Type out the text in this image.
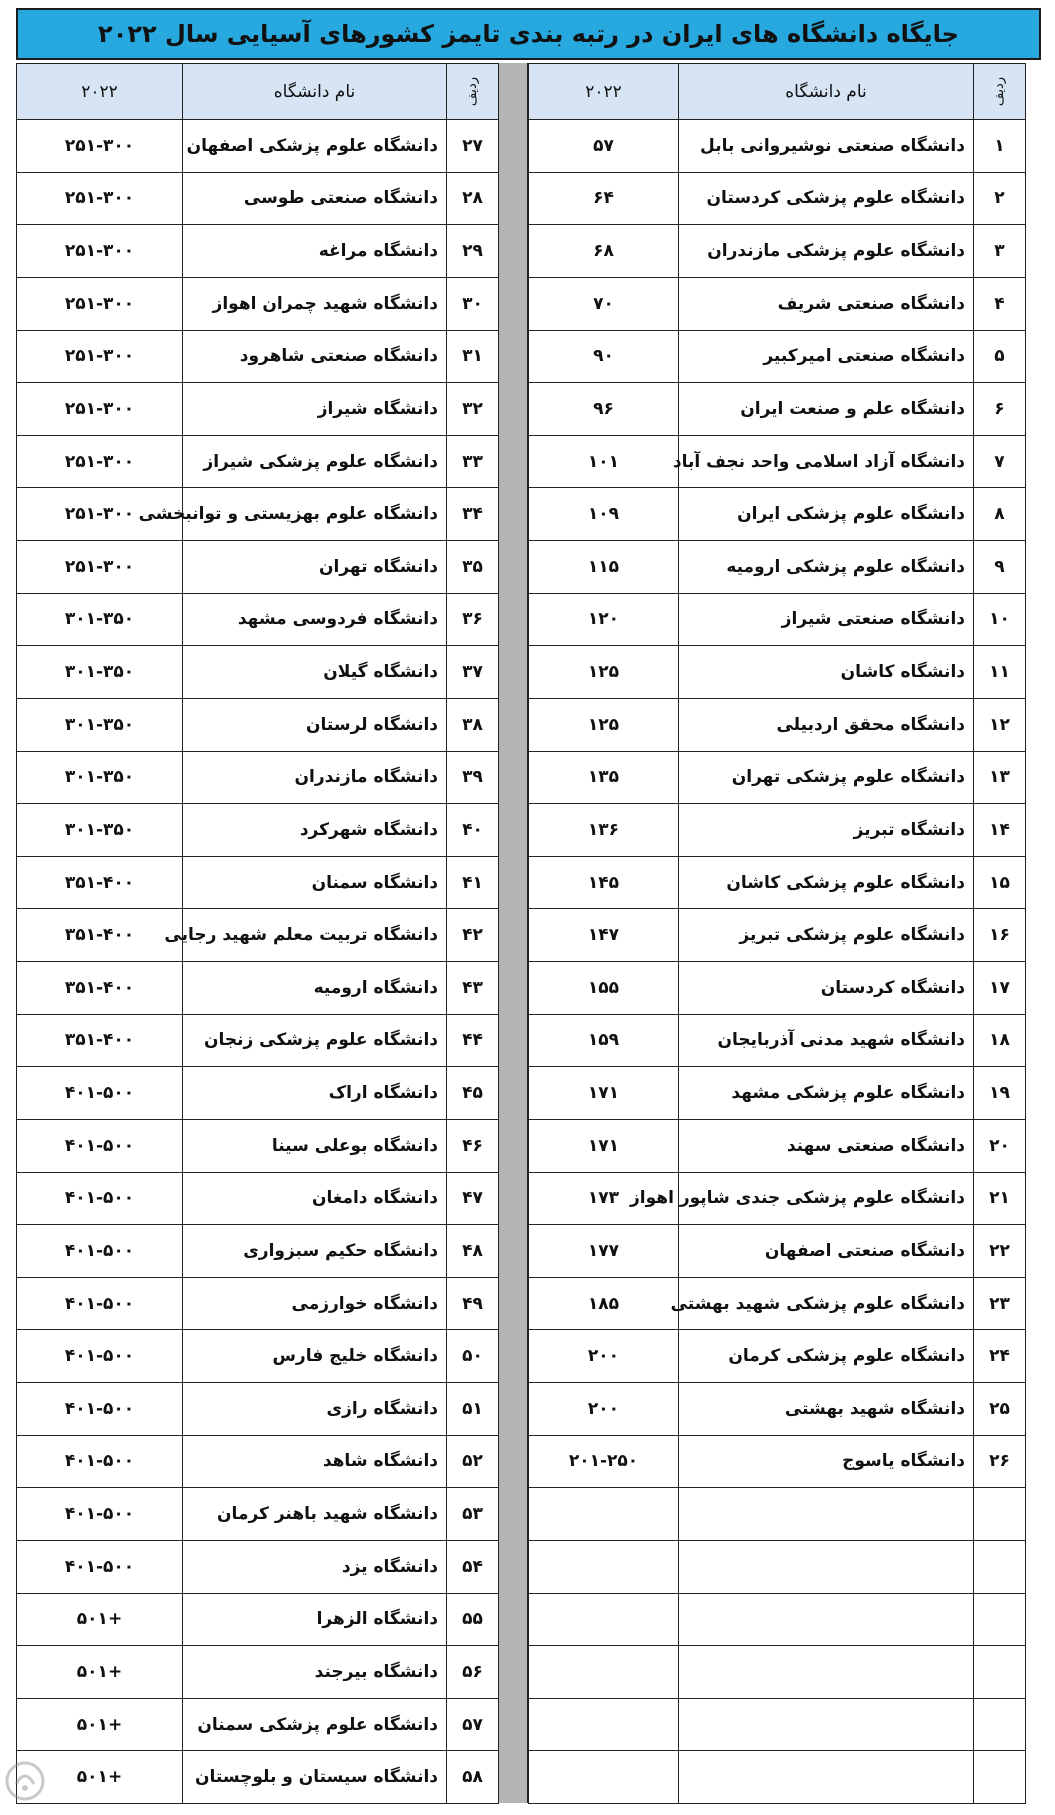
جایگاه دانشگاه های ایران در رتبه بندی تایمز کشورهای آسیایی سال ۲۰۲۲
ردیف	نام دانشگاه	۲۰۲۲
۱	دانشگاه صنعتی نوشیروانی بابل	۵۷
۲	دانشگاه علوم پزشکی کردستان	۶۴
۳	دانشگاه علوم پزشکی مازندران	۶۸
۴	دانشگاه صنعتی شریف	۷۰
۵	دانشگاه صنعتی امیرکبیر	۹۰
۶	دانشگاه علم و صنعت ایران	۹۶
۷	دانشگاه آزاد اسلامی واحد نجف آباد	۱۰۱
۸	دانشگاه علوم پزشکی ایران	۱۰۹
۹	دانشگاه علوم پزشکی ارومیه	۱۱۵
۱۰	دانشگاه صنعتی شیراز	۱۲۰
۱۱	دانشگاه کاشان	۱۲۵
۱۲	دانشگاه محقق اردبیلی	۱۲۵
۱۳	دانشگاه علوم پزشکی تهران	۱۳۵
۱۴	دانشگاه تبریز	۱۳۶
۱۵	دانشگاه علوم پزشکی کاشان	۱۴۵
۱۶	دانشگاه علوم پزشکی تبریز	۱۴۷
۱۷	دانشگاه کردستان	۱۵۵
۱۸	دانشگاه شهید مدنی آذربایجان	۱۵۹
۱۹	دانشگاه علوم پزشکی مشهد	۱۷۱
۲۰	دانشگاه صنعتی سهند	۱۷۱
۲۱	دانشگاه علوم پزشکی جندی شاپور اهواز	۱۷۳
۲۲	دانشگاه صنعتی اصفهان	۱۷۷
۲۳	دانشگاه علوم پزشکی شهید بهشتی	۱۸۵
۲۴	دانشگاه علوم پزشکی کرمان	۲۰۰
۲۵	دانشگاه شهید بهشتی	۲۰۰
۲۶	دانشگاه یاسوج	۲۰۱-۲۵۰

ردیف	نام دانشگاه	۲۰۲۲
۲۷	دانشگاه علوم پزشکی اصفهان	۲۵۱-۳۰۰
۲۸	دانشگاه صنعتی طوسی	۲۵۱-۳۰۰
۲۹	دانشگاه مراغه	۲۵۱-۳۰۰
۳۰	دانشگاه شهید چمران اهواز	۲۵۱-۳۰۰
۳۱	دانشگاه صنعتی شاهرود	۲۵۱-۳۰۰
۳۲	دانشگاه شیراز	۲۵۱-۳۰۰
۳۳	دانشگاه علوم پزشکی شیراز	۲۵۱-۳۰۰
۳۴	دانشگاه علوم بهزیستی و توانبخشی	۲۵۱-۳۰۰
۳۵	دانشگاه تهران	۲۵۱-۳۰۰
۳۶	دانشگاه فردوسی مشهد	۳۰۱-۳۵۰
۳۷	دانشگاه گیلان	۳۰۱-۳۵۰
۳۸	دانشگاه لرستان	۳۰۱-۳۵۰
۳۹	دانشگاه مازندران	۳۰۱-۳۵۰
۴۰	دانشگاه شهرکرد	۳۰۱-۳۵۰
۴۱	دانشگاه سمنان	۳۵۱-۴۰۰
۴۲	دانشگاه تربیت معلم شهید رجایی	۳۵۱-۴۰۰
۴۳	دانشگاه ارومیه	۳۵۱-۴۰۰
۴۴	دانشگاه علوم پزشکی زنجان	۳۵۱-۴۰۰
۴۵	دانشگاه اراک	۴۰۱-۵۰۰
۴۶	دانشگاه بوعلی سینا	۴۰۱-۵۰۰
۴۷	دانشگاه دامغان	۴۰۱-۵۰۰
۴۸	دانشگاه حکیم سبزواری	۴۰۱-۵۰۰
۴۹	دانشگاه خوارزمی	۴۰۱-۵۰۰
۵۰	دانشگاه خلیج فارس	۴۰۱-۵۰۰
۵۱	دانشگاه رازی	۴۰۱-۵۰۰
۵۲	دانشگاه شاهد	۴۰۱-۵۰۰
۵۳	دانشگاه شهید باهنر کرمان	۴۰۱-۵۰۰
۵۴	دانشگاه یزد	۴۰۱-۵۰۰
۵۵	دانشگاه الزهرا	+۵۰۱
۵۶	دانشگاه بیرجند	+۵۰۱
۵۷	دانشگاه علوم پزشکی سمنان	+۵۰۱
۵۸	دانشگاه سیستان و بلوچستان	+۵۰۱
